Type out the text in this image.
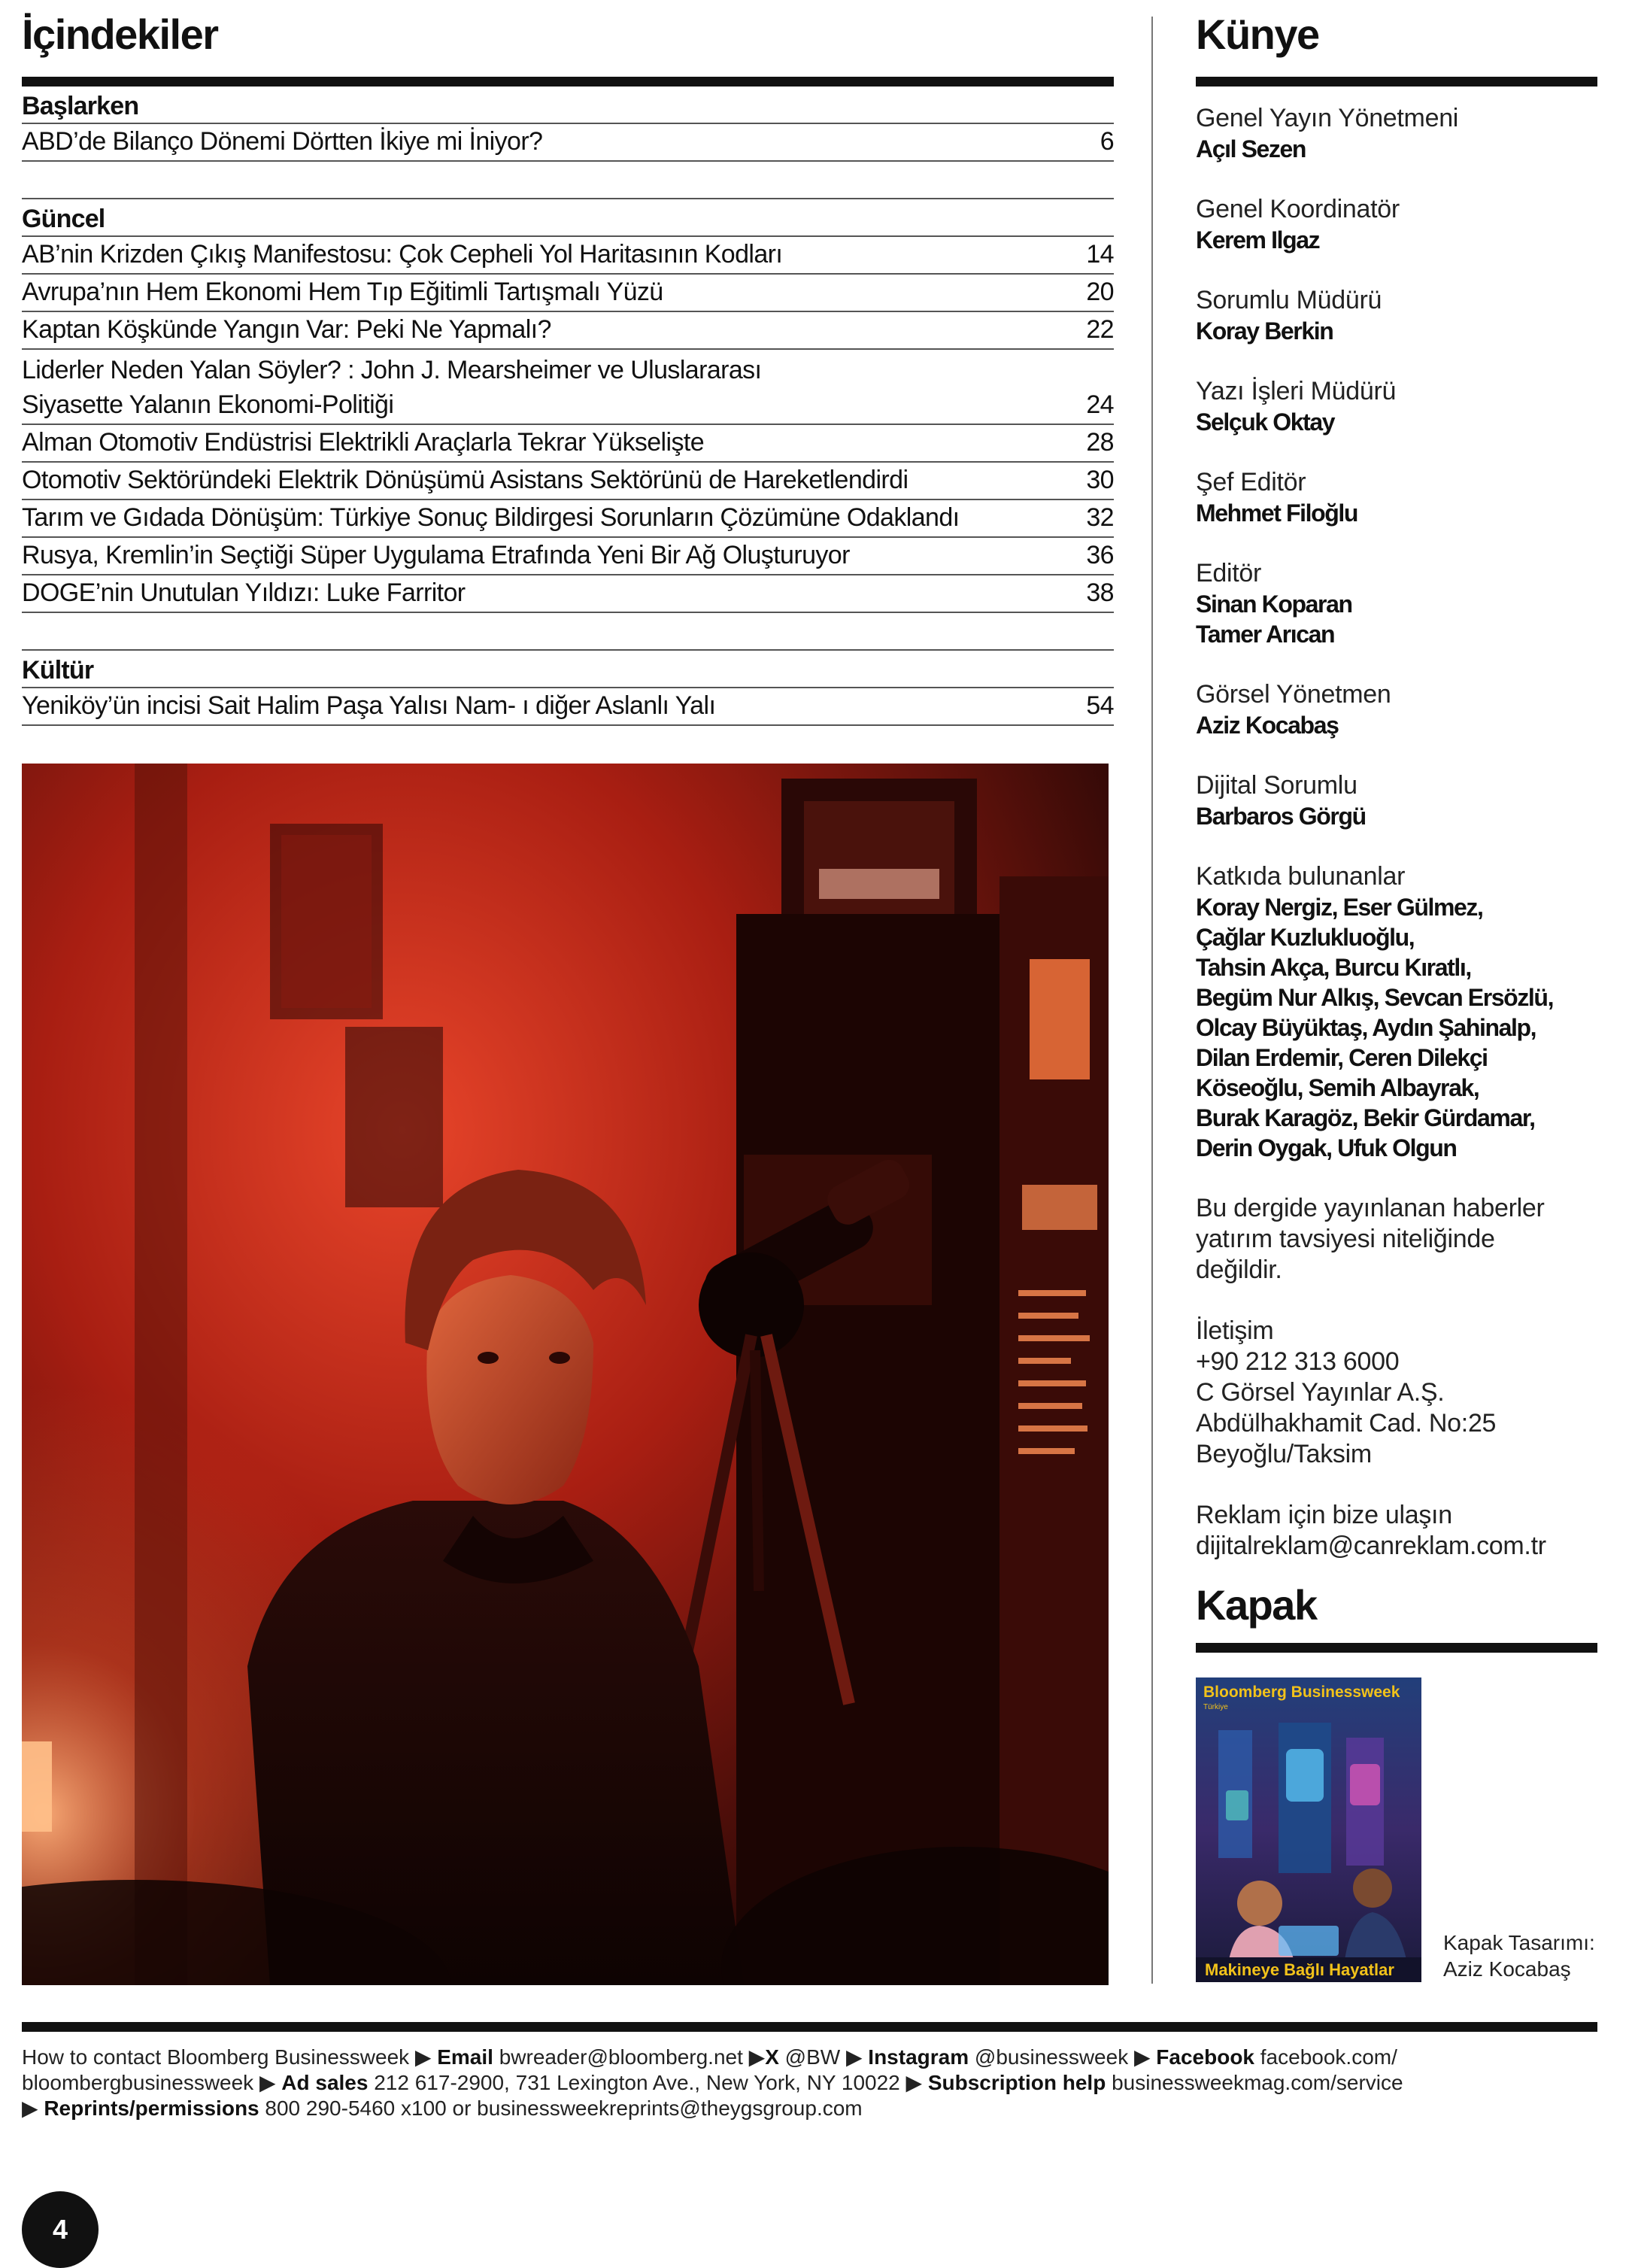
İçindekiler
Başlarken
ABD’de Bilanço Dönemi Dörtten İkiye mi İniyor?	6
Güncel
AB’nin Krizden Çıkış Manifestosu: Çok Cepheli Yol Haritasının Kodları	14
Avrupa’nın Hem Ekonomi Hem Tıp Eğitimli Tartışmalı Yüzü	20
Kaptan Köşkünde Yangın Var: Peki Ne Yapmalı?	22
Liderler Neden Yalan Söyler? : John J. Mearsheimer ve Uluslararası
Siyasette Yalanın Ekonomi-Politiği	24
Alman Otomotiv Endüstrisi Elektrikli Araçlarla Tekrar Yükselişte	28
Otomotiv Sektöründeki Elektrik Dönüşümü Asistans Sektörünü de Hareketlendirdi	30
Tarım ve Gıdada Dönüşüm: Türkiye Sonuç Bildirgesi Sorunların Çözümüne Odaklandı	32
Rusya, Kremlin’in Seçtiği Süper Uygulama Etrafında Yeni Bir Ağ Oluşturuyor	36
DOGE’nin Unutulan Yıldızı: Luke Farritor	38
Kültür
Yeniköy’ün incisi Sait Halim Paşa Yalısı Nam- ı diğer Aslanlı Yalı	54
Künye
Genel Yayın Yönetmeni
Açıl Sezen
Genel Koordinatör
Kerem Ilgaz
Sorumlu Müdürü
Koray Berkin
Yazı İşleri Müdürü
Selçuk Oktay
Şef Editör
Mehmet Filoğlu
Editör
Sinan Koparan
Tamer Arıcan
Görsel Yönetmen
Aziz Kocabaş
Dijital Sorumlu
Barbaros Görgü
Katkıda bulunanlar
Koray Nergiz, Eser Gülmez,
Çağlar Kuzlukluoğlu,
Tahsin Akça, Burcu Kıratlı,
Begüm Nur Alkış, Sevcan Ersözlü,
Olcay Büyüktaş, Aydın Şahinalp,
Dilan Erdemir, Ceren Dilekçi
Köseoğlu, Semih Albayrak,
Burak Karagöz, Bekir Gürdamar,
Derin Oygak, Ufuk Olgun
Bu dergide yayınlanan haberler
yatırım tavsiyesi niteliğinde
değildir.
İletişim
+90 212 313 6000
C Görsel Yayınlar A.Ş.
Abdülhakhamit Cad. No:25
Beyoğlu/Taksim
Reklam için bize ulaşın
dijitalreklam@canreklam.com.tr
Kapak
Bloomberg Businessweek
Türkiye
Makineye Bağlı Hayatlar
Kapak Tasarımı:
Aziz Kocabaş
How to contact Bloomberg Businessweek ▶ Email bwreader@bloomberg.net ▶X @BW ▶ Instagram @businessweek ▶ Facebook facebook.com/
bloombergbusinessweek ▶ Ad sales 212 617-2900, 731 Lexington Ave., New York, NY 10022 ▶ Subscription help businessweekmag.com/service
▶ Reprints/permissions 800 290-5460 x100 or businessweekreprints@theygsgroup.com
4
